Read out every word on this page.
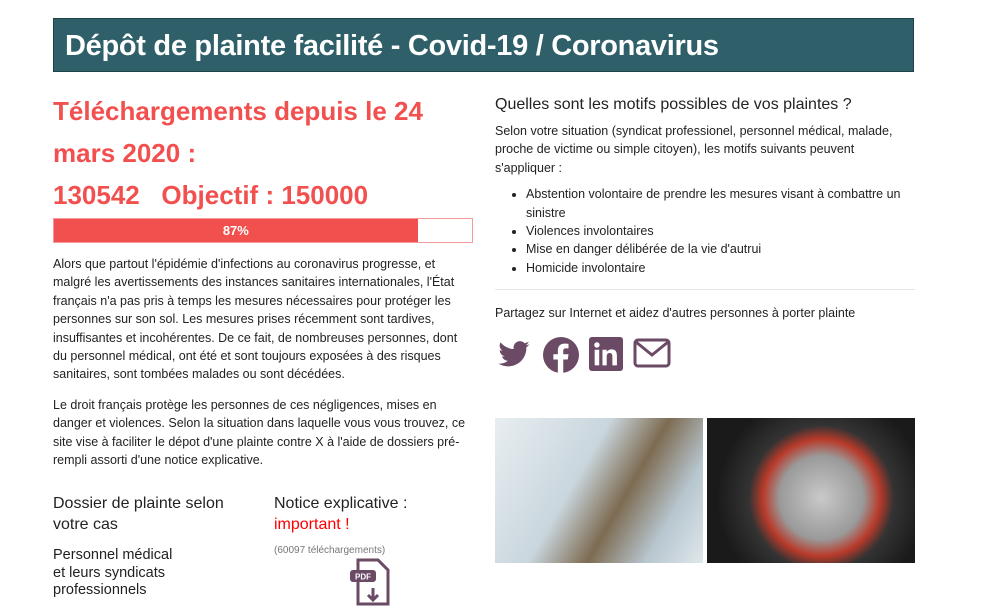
Dépôt de plainte facilité - Covid-19 / Coronavirus
Téléchargements depuis le 24
mars 2020 :
130542   Objectif : 150000
87%

Alors que partout l'épidémie d'infections au coronavirus progresse, et malgré les avertissements des instances sanitaires internationales, l'État français n'a pas pris à temps les mesures nécessaires pour protéger les personnes sur son sol. Les mesures prises récemment sont tardives, insuffisantes et incohérentes. De ce fait, de nombreuses personnes, dont du personnel médical, ont été et sont toujours exposées à des risques sanitaires, sont tombées malades ou sont décédées.

Le droit français protège les personnes de ces négligences, mises en danger et violences. Selon la situation dans laquelle vous vous trouvez, ce site vise à faciliter le dépot d'une plainte contre X à l'aide de dossiers pré-rempli assorti d'une notice explicative.

Dossier de plainte selon votre cas
Personnel médical et leurs syndicats professionnels
Notice explicative :
important !
(60097 téléchargements)
PDF
Quelles sont les motifs possibles de vos plaintes ?

Selon votre situation (syndicat professionel, personnel médical, malade, proche de victime ou simple citoyen), les motifs suivants peuvent s'appliquer :

• Abstention volontaire de prendre les mesures visant à combattre un sinistre
• Violences involontaires
• Mise en danger délibérée de la vie d'autrui
• Homicide involontaire

Partagez sur Internet et aidez d'autres personnes à porter plainte
